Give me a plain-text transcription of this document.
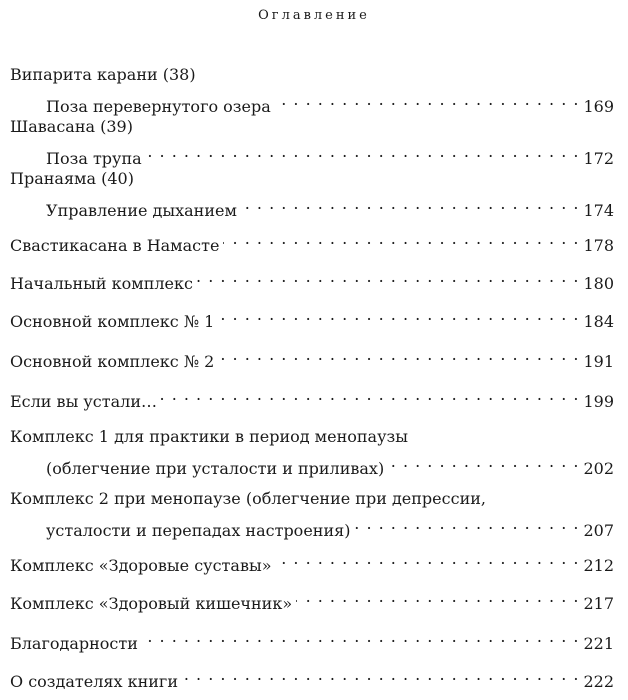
Оглавление
Випарита карани (38)
Поза перевернутого озера . . .	169
Шавасана (39)
Поза трупа . . .	172
Пранаяма (40)
Управление дыханием . . .	174
Свастикасана в Намасте . . .	178
Начальный комплекс . . .	180
Основной комплекс № 1 . . .	184
Основной комплекс № 2 . . .	191
Если вы устали… . . .	199
Комплекс 1 для практики в период менопаузы
(облегчение при усталости и приливах) . . .	202
Комплекс 2 при менопаузе (облегчение при депрессии,
усталости и перепадах настроения) . . .	207
Комплекс «Здоровые суставы» . . .	212
Комплекс «Здоровый кишечник» . . .	217
Благодарности . . .	221
О создателях книги . . .	222
